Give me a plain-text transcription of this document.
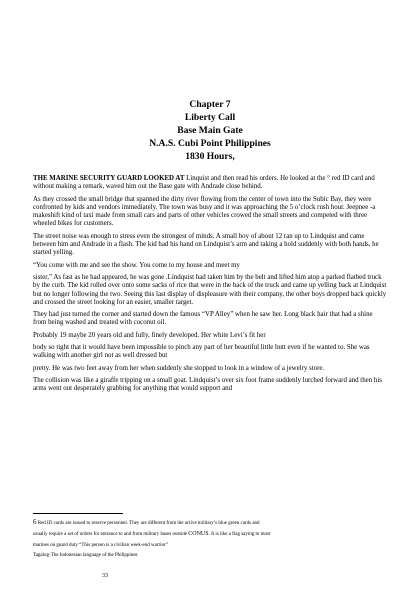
Chapter 7
Liberty Call
Base Main Gate
N.A.S. Cubi Point Philippines
1830 Hours,

THE MARINE SECURITY GUARD LOOKED AT Linquist and then read his orders. He looked at the ° red ID card and without making a remark, waved him out the Base gate with Andrade close behind.

As they crossed the small bridge that spanned the dirty river flowing from the center of town into the Subic Bay, they were confronted by kids and vendors immediately. The town was busy and it was approaching the 5 o’clock rush hour. Jeepnee -a makeshift kind of taxi made from small cars and parts of other vehicles crowed the small streets and competed with three wheeled bikes for customers.

The street noise was enough to stress even the strongest of minds. A small boy of about 12 ran up to Lindquist and came between him and Andrade in a flash. The kid had his hand on Lindquist’s arm and taking a hold suddenly with both hands, he started yelling.

“You come with me and see the show. You come to my house and meet my

sister,” As fast as he had appeared, he was gone .Lindquist had taken him by the belt and lifted him atop a parked flatbed truck by the curb. The kid rolled over onto some sacks of rice that were in the back of the truck and came up yelling back at Lindquist but no longer following the two. Seeing this last display of displeasure with their company, the other boys dropped back quickly and crossed the street looking for an easier, smaller target.

They had just turned the corner and started down the famous “VP Alley” when he saw her. Long black hair that had a shine from being washed and treated with coconut oil.

Probably 19 maybe 20 years old and fully, finely developed. Her white Levi’s fit her

body so tight that it would have been impossible to pinch any part of her beautiful little butt even if he wanted to. She was walking with another girl not as well dressed but

pretty. He was two feet away from her when suddenly she stopped to look in a window of a jewelry store.

The collision was like a giraffe tripping on a small goat. Lindquist’s over six foot frame suddenly lurched forward and then his arms went out desperately grabbing for anything that would support and

6 Red ID cards are issued to reserve personnel. They are different from the active military’s blue green cards and

usually require a set of orders for entrance to and from military bases outside CONUS. It is like a flag saying to most

marines on guard duty “This person is a civilian week-end warrior”

Tagalog-The Indonesian language of the Philippines

33
